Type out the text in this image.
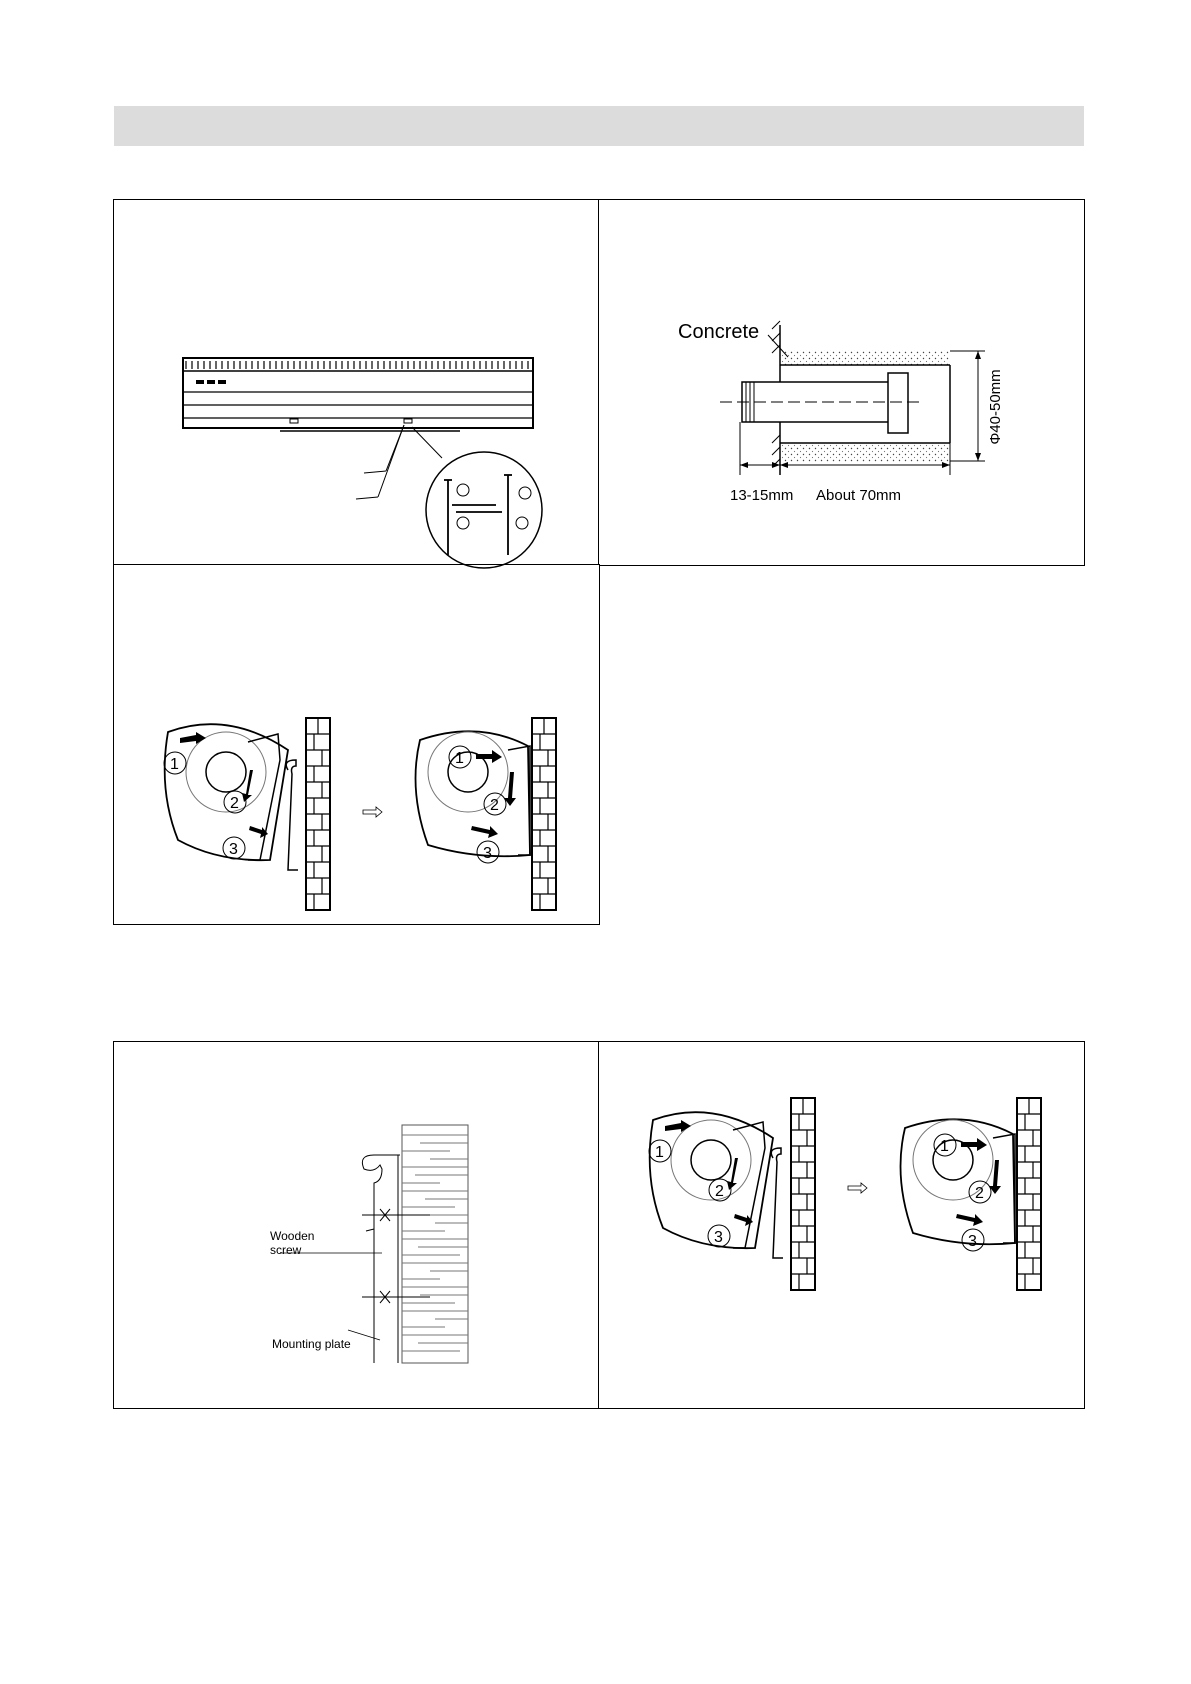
Concrete
Φ40-50mm
13-15mm About 70mm
1
2
3
1
2
3
Wooden
screw
Mounting plate
1
2
3
1
2
3
